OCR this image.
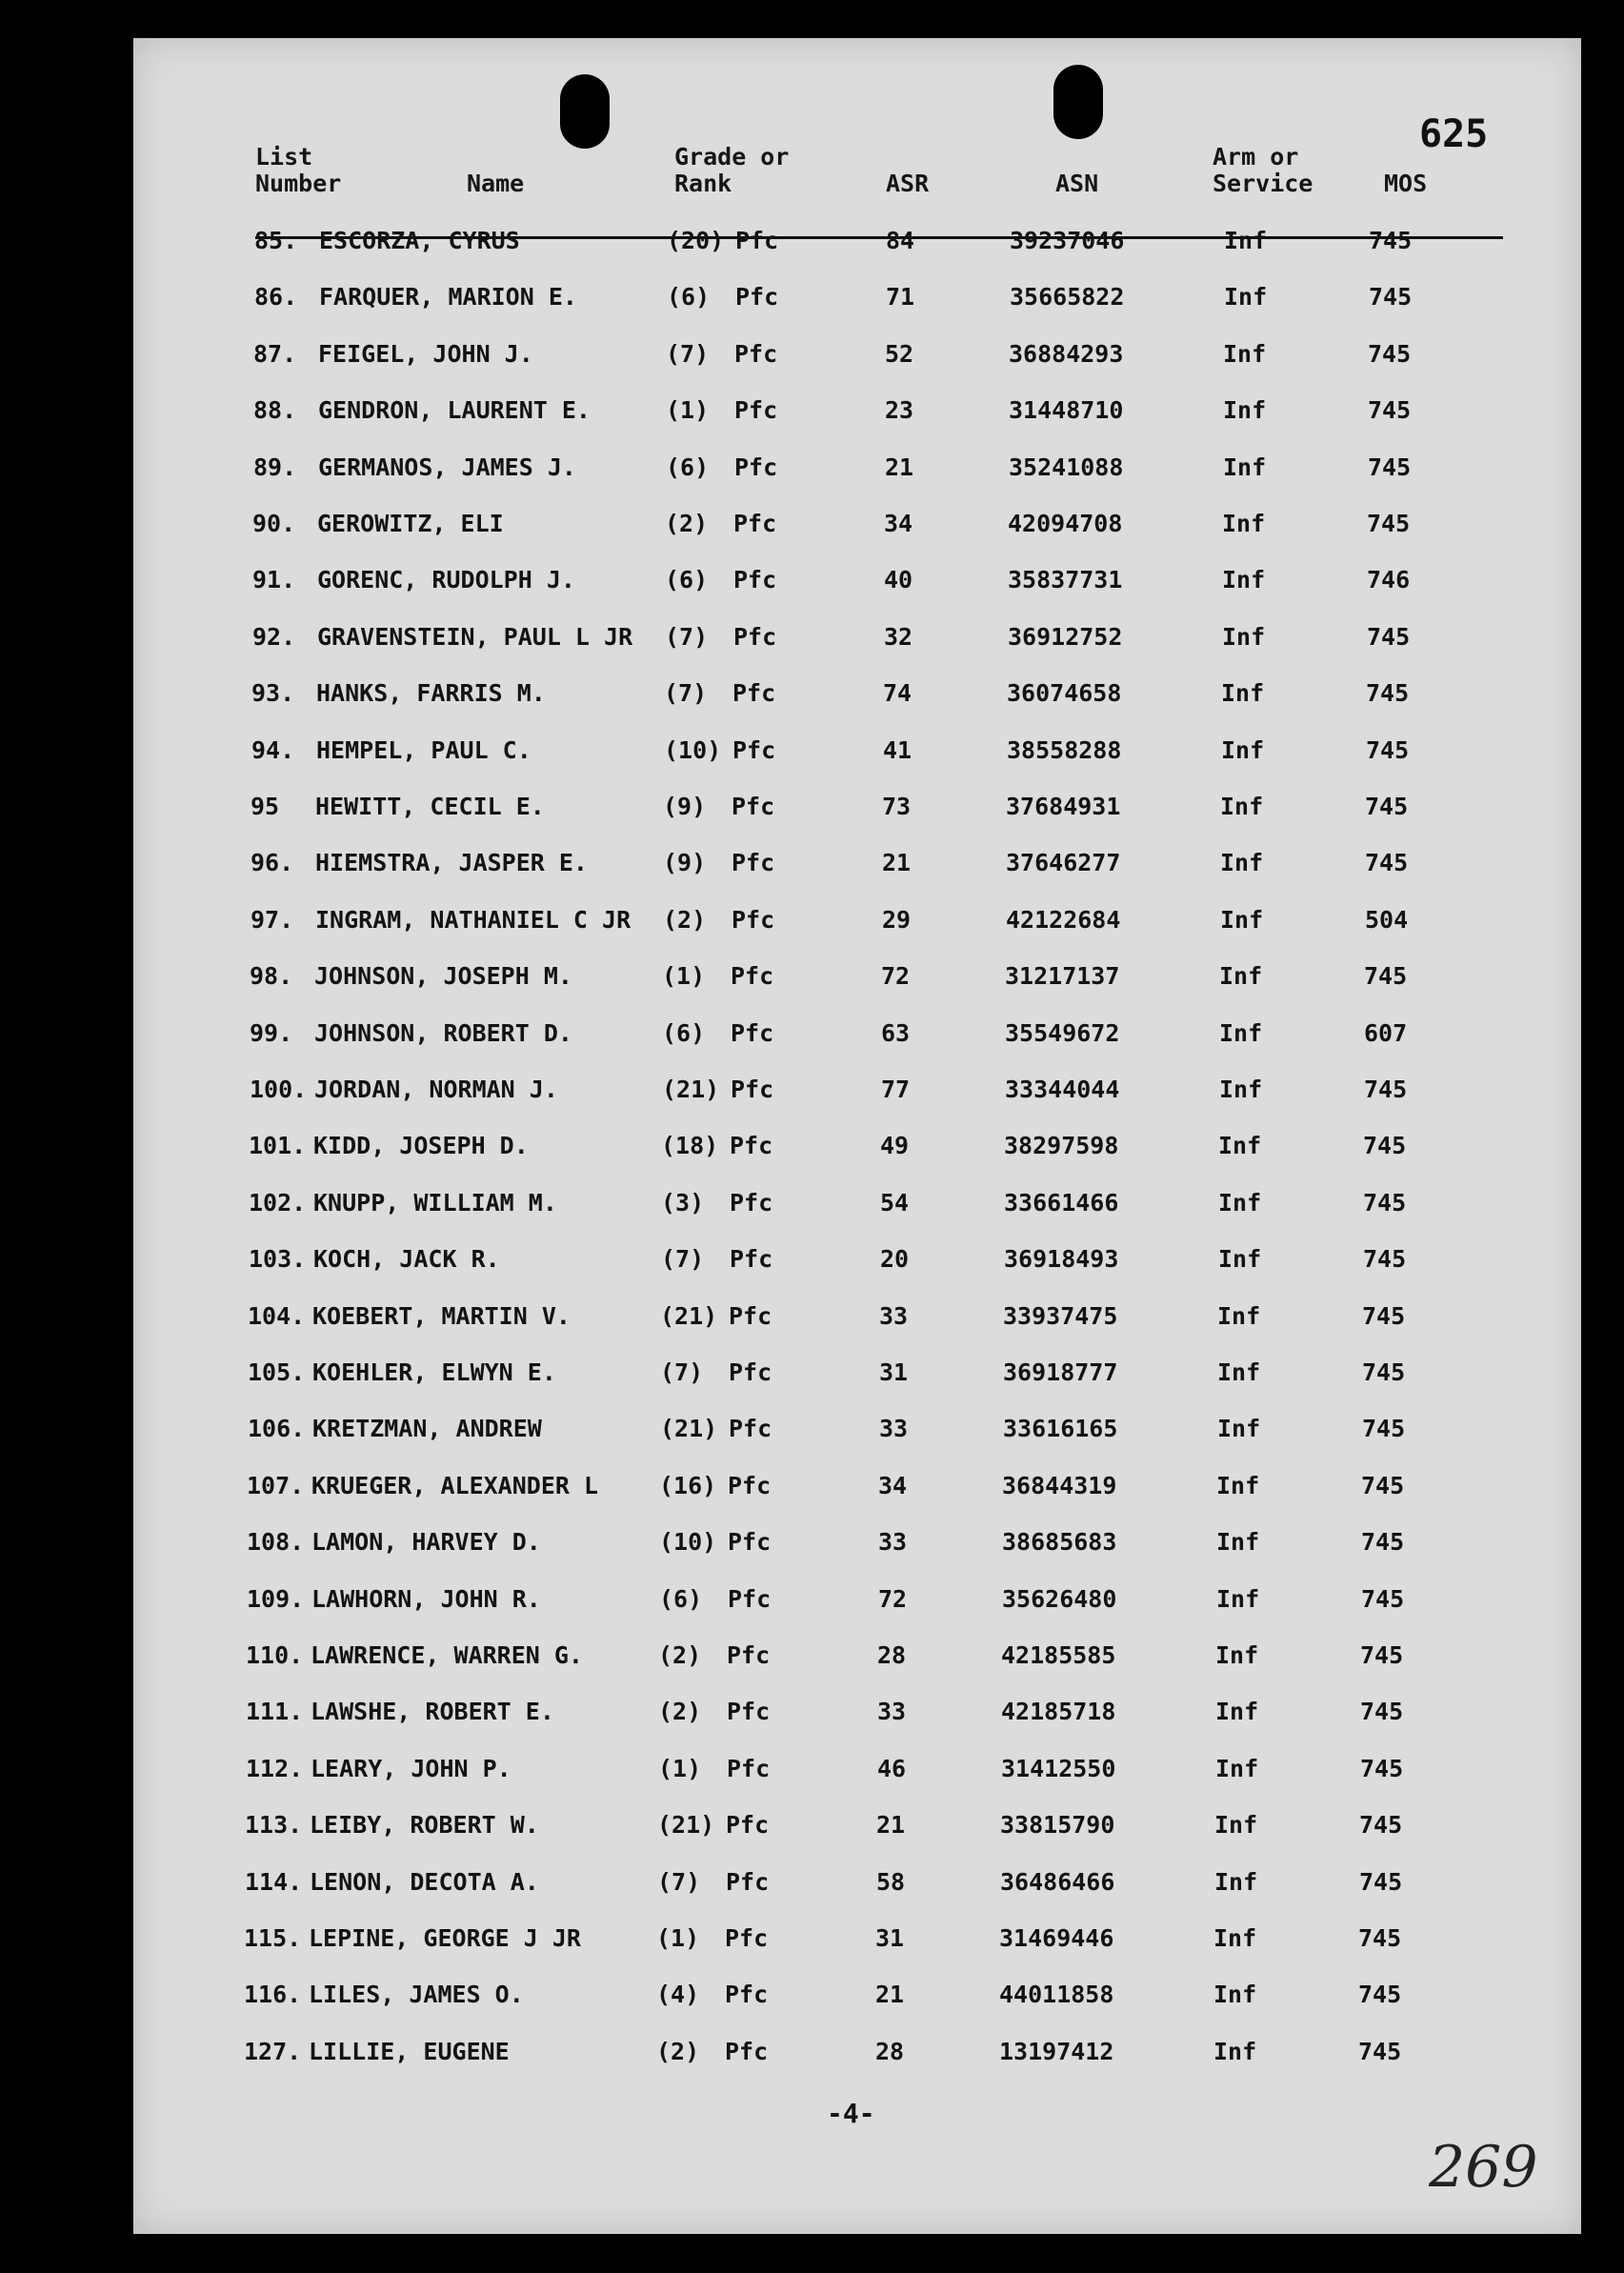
625
List
Number	Name
Grade or
Rank	ASR	ASN
Arm or
Service	MOS
85. ESCORZA, CYRUS	(20) Pfc	84	39237046	Inf	745
86. FARQUER, MARION E.	(6) Pfc	71	35665822	Inf	745
87. FEIGEL, JOHN J.	(7) Pfc	52	36884293	Inf	745
88. GENDRON, LAURENT E.	(1) Pfc	23	31448710	Inf	745
89. GERMANOS, JAMES J.	(6) Pfc	21	35241088	Inf	745
90. GEROWITZ, ELI	(2) Pfc	34	42094708	Inf	745
91. GORENC, RUDOLPH J.	(6) Pfc	40	35837731	Inf	746
92. GRAVENSTEIN, PAUL L JR (7) Pfc	32	36912752	Inf	745
93. HANKS, FARRIS M.	(7) Pfc	74	36074658	Inf	745
94. HEMPEL, PAUL C.	(10) Pfc	41	38558288	Inf	745
95 HEWITT, CECIL E.	(9) Pfc	73	37684931	Inf	745
96. HIEMSTRA, JASPER E.	(9) Pfc	21	37646277	Inf	745
97. INGRAM, NATHANIEL C JR (2) Pfc	29	42122684	Inf	504
98. JOHNSON, JOSEPH M.	(1) Pfc	72	31217137	Inf	745
99. JOHNSON, ROBERT D.	(6) Pfc	63	35549672	Inf	607
100. JORDAN, NORMAN J.	(21) Pfc	77	33344044	Inf	745
101. KIDD, JOSEPH D.	(18) Pfc	49	38297598	Inf	745
102. KNUPP, WILLIAM M.	(3) Pfc	54	33661466	Inf	745
103. KOCH, JACK R.	(7) Pfc	20	36918493	Inf	745
104. KOEBERT, MARTIN V.	(21) Pfc	33	33937475	Inf	745
105. KOEHLER, ELWYN E.	(7) Pfc	31	36918777	Inf	745
106. KRETZMAN, ANDREW	(21) Pfc	33	33616165	Inf	745
107. KRUEGER, ALEXANDER L	(16) Pfc	34	36844319	Inf	745
108. LAMON, HARVEY D.	(10) Pfc	33	38685683	Inf	745
109. LAWHORN, JOHN R.	(6) Pfc	72	35626480	Inf	745
110. LAWRENCE, WARREN G.	(2) Pfc	28	42185585	Inf	745
111. LAWSHE, ROBERT E.	(2) Pfc	33	42185718	Inf	745
112. LEARY, JOHN P.	(1) Pfc	46	31412550	Inf	745
113. LEIBY, ROBERT W.	(21) Pfc	21	33815790	Inf	745
114. LENON, DECOTA A.	(7) Pfc	58	36486466	Inf	745
115. LEPINE, GEORGE J JR	(1) Pfc	31	31469446	Inf	745
116. LILES, JAMES O.	(4) Pfc	21	44011858	Inf	745
127. LILLIE, EUGENE	(2) Pfc	28	13197412	Inf	745
-4-
269
